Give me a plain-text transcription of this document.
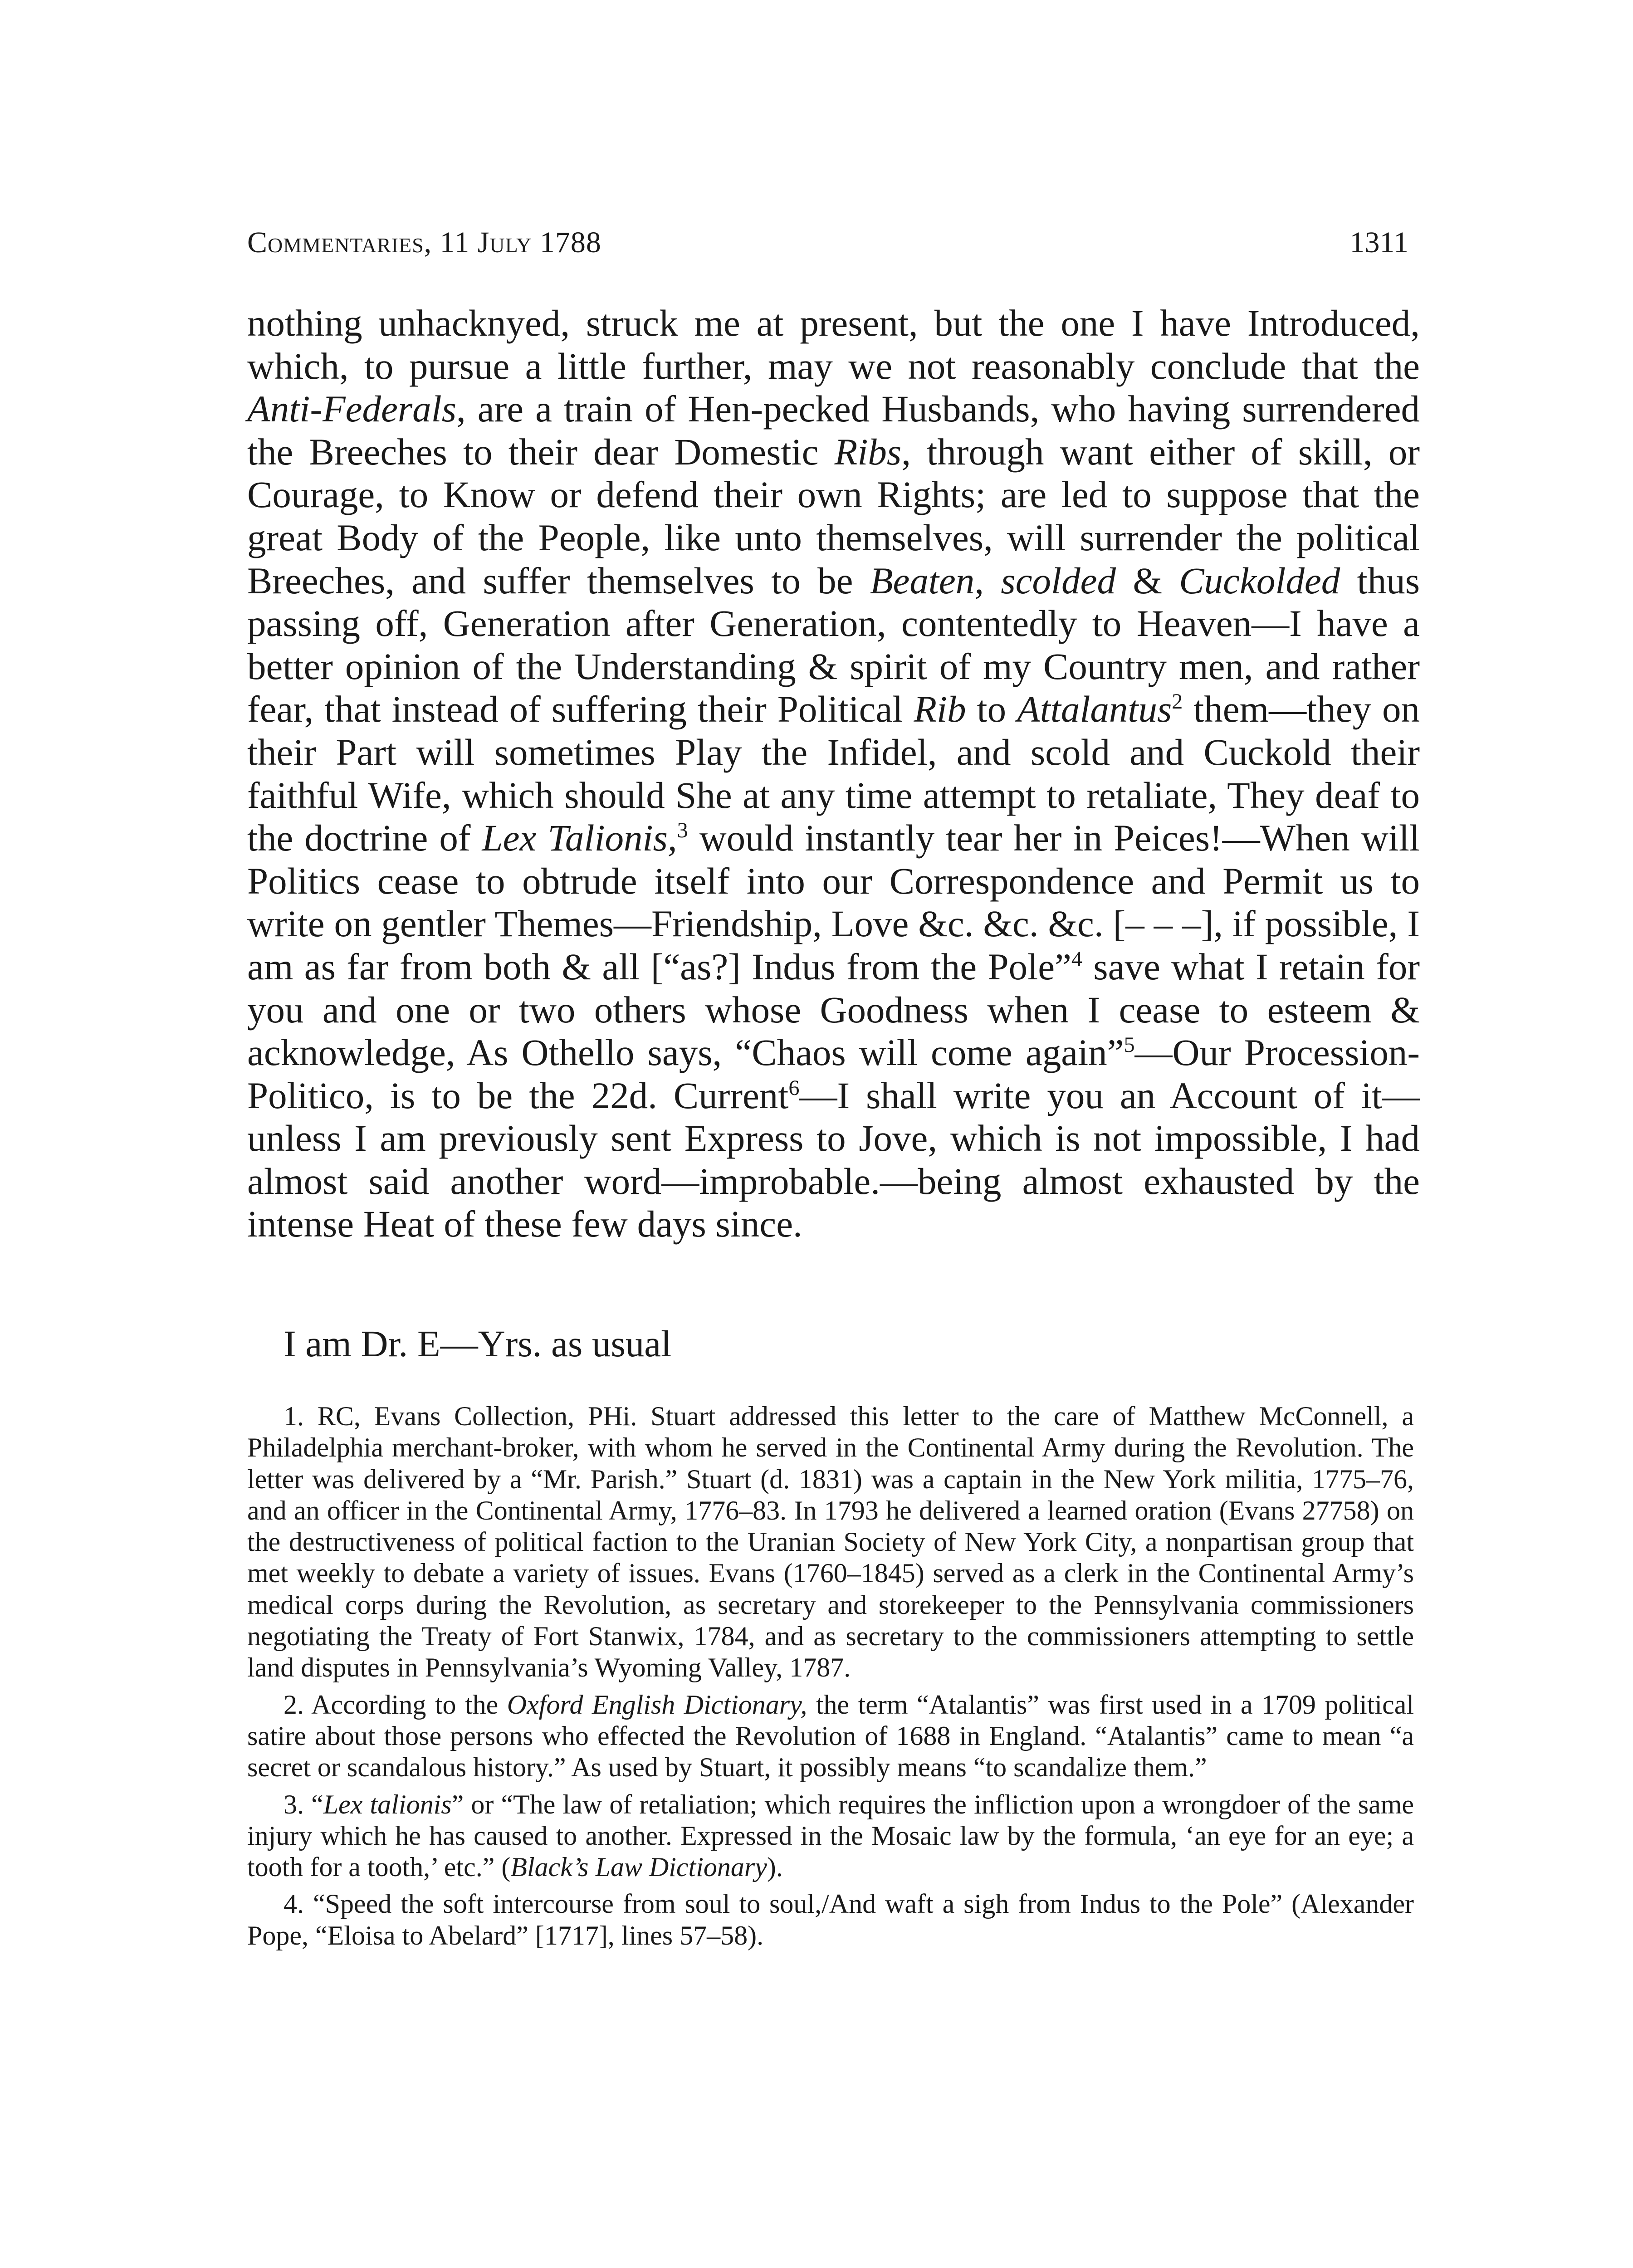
Commentaries, 11 July 1788	1311

nothing unhacknyed, struck me at present, but the one I have Introduced, which, to pursue a little further, may we not reasonably conclude that the Anti-Federals, are a train of Hen-pecked Husbands, who having surrendered the Breeches to their dear Domestic Ribs, through want either of skill, or Courage, to Know or defend their own Rights; are led to suppose that the great Body of the People, like unto themselves, will surrender the political Breeches, and suffer themselves to be Beaten, scolded & Cuckolded thus passing off, Generation after Generation, contentedly to Heaven—I have a better opinion of the Understanding & spirit of my Country men, and rather fear, that instead of suffering their Political Rib to Attalantus$^2$ them—they on their Part will sometimes Play the Infidel, and scold and Cuckold their faithful Wife, which should She at any time attempt to retaliate, They deaf to the doctrine of Lex Talionis,$^3$ would instantly tear her in Peices!—When will Politics cease to obtrude itself into our Correspondence and Permit us to write on gentler Themes—Friendship, Love &c. &c. &c. [– – –], if possible, I am as far from both & all [“as?] Indus from the Pole”$^4$ save what I retain for you and one or two others whose Goodness when I cease to esteem & acknowledge, As Othello says, “Chaos will come again”$^5$—Our Procession-Politico, is to be the 22d. Current$^6$—I shall write you an Account of it—unless I am previously sent Express to Jove, which is not impossible, I had almost said another word—improbable.—being almost exhausted by the intense Heat of these few days since.

I am Dr. E—Yrs. as usual

1. RC, Evans Collection, PHi. Stuart addressed this letter to the care of Matthew McConnell, a Philadelphia merchant-broker, with whom he served in the Continental Army during the Revolution. The letter was delivered by a “Mr. Parish.” Stuart (d. 1831) was a captain in the New York militia, 1775–76, and an officer in the Continental Army, 1776–83. In 1793 he delivered a learned oration (Evans 27758) on the destructiveness of political faction to the Uranian Society of New York City, a nonpartisan group that met weekly to debate a variety of issues. Evans (1760–1845) served as a clerk in the Continental Army’s medical corps during the Revolution, as secretary and storekeeper to the Pennsylvania commissioners negotiating the Treaty of Fort Stanwix, 1784, and as secretary to the commissioners attempting to settle land disputes in Pennsylvania’s Wyoming Valley, 1787.

2. According to the Oxford English Dictionary, the term “Atalantis” was first used in a 1709 political satire about those persons who effected the Revolution of 1688 in England. “Atalantis” came to mean “a secret or scandalous history.” As used by Stuart, it possibly means “to scandalize them.”

3. “Lex talionis” or “The law of retaliation; which requires the infliction upon a wrongdoer of the same injury which he has caused to another. Expressed in the Mosaic law by the formula, ‘an eye for an eye; a tooth for a tooth,’ etc.” (Black’s Law Dictionary).

4. “Speed the soft intercourse from soul to soul,/And waft a sigh from Indus to the Pole” (Alexander Pope, “Eloisa to Abelard” [1717], lines 57–58).
